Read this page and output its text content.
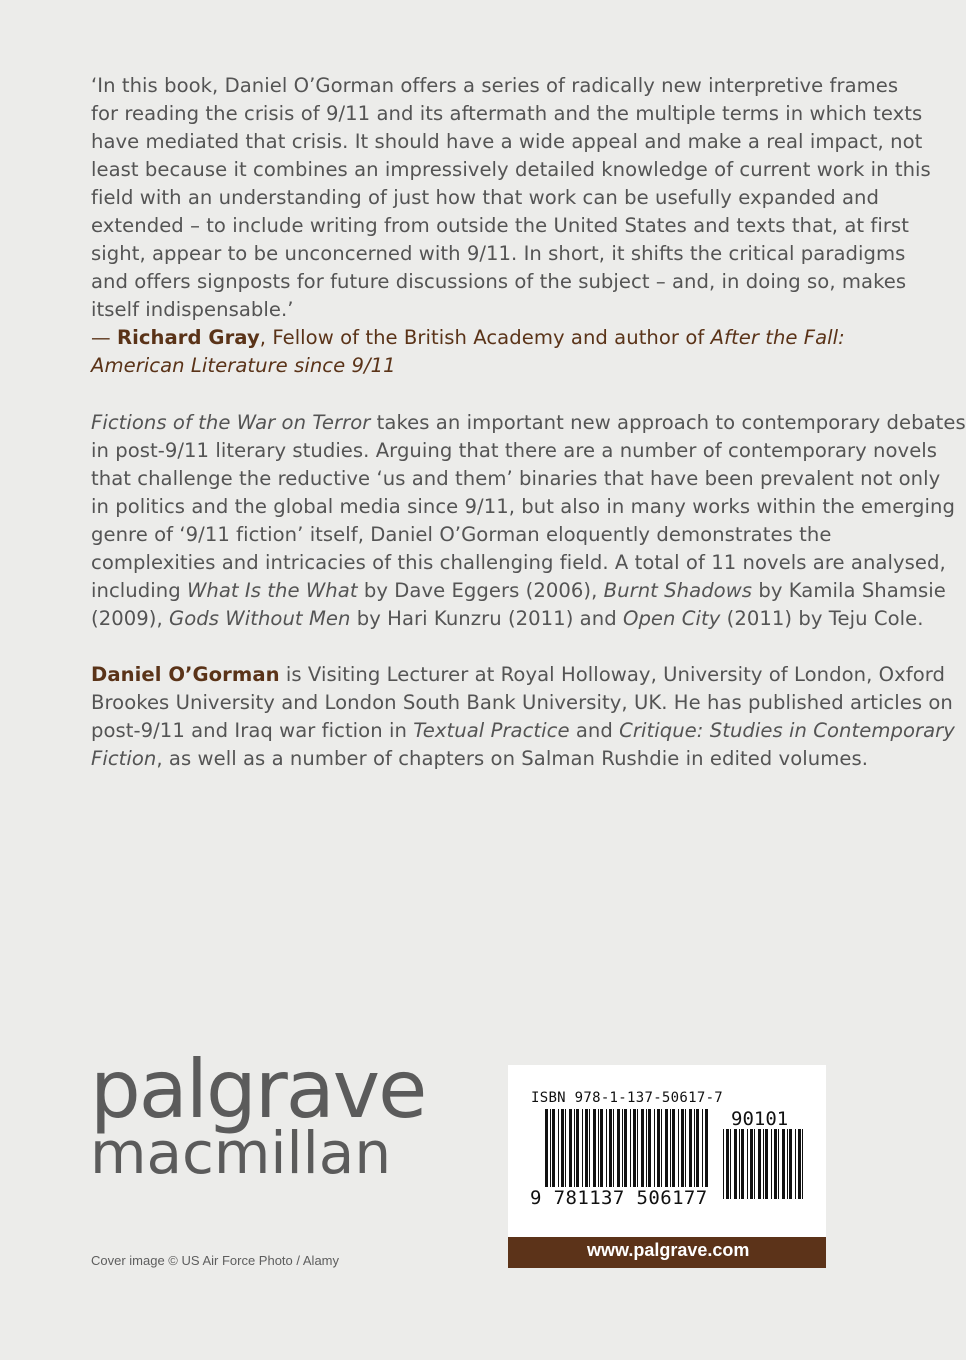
‘In this book, Daniel O’Gorman offers a series of radically new interpretive frames
for reading the crisis of 9/11 and its aftermath and the multiple terms in which texts
have mediated that crisis. It should have a wide appeal and make a real impact, not
least because it combines an impressively detailed knowledge of current work in this
field with an understanding of just how that work can be usefully expanded and
extended – to include writing from outside the United States and texts that, at first
sight, appear to be unconcerned with 9/11. In short, it shifts the critical paradigms
and offers signposts for future discussions of the subject – and, in doing so, makes
itself indispensable.’
— Richard Gray, Fellow of the British Academy and author of After the Fall:
American Literature since 9/11
Fictions of the War on Terror takes an important new approach to contemporary debates
in post-9/11 literary studies. Arguing that there are a number of contemporary novels
that challenge the reductive ‘us and them’ binaries that have been prevalent not only
in politics and the global media since 9/11, but also in many works within the emerging
genre of ‘9/11 fiction’ itself, Daniel O’Gorman eloquently demonstrates the
complexities and intricacies of this challenging field. A total of 11 novels are analysed,
including What Is the What by Dave Eggers (2006), Burnt Shadows by Kamila Shamsie
(2009), Gods Without Men by Hari Kunzru (2011) and Open City (2011) by Teju Cole.
Daniel O’Gorman is Visiting Lecturer at Royal Holloway, University of London, Oxford
Brookes University and London South Bank University, UK. He has published articles on
post-9/11 and Iraq war fiction in Textual Practice and Critique: Studies in Contemporary
Fiction, as well as a number of chapters on Salman Rushdie in edited volumes.
palgrave
macmillan
Cover image © US Air Force Photo / Alamy
ISBN 978-1-137-50617-7
90101
9 781137 506177
www.palgrave.com
